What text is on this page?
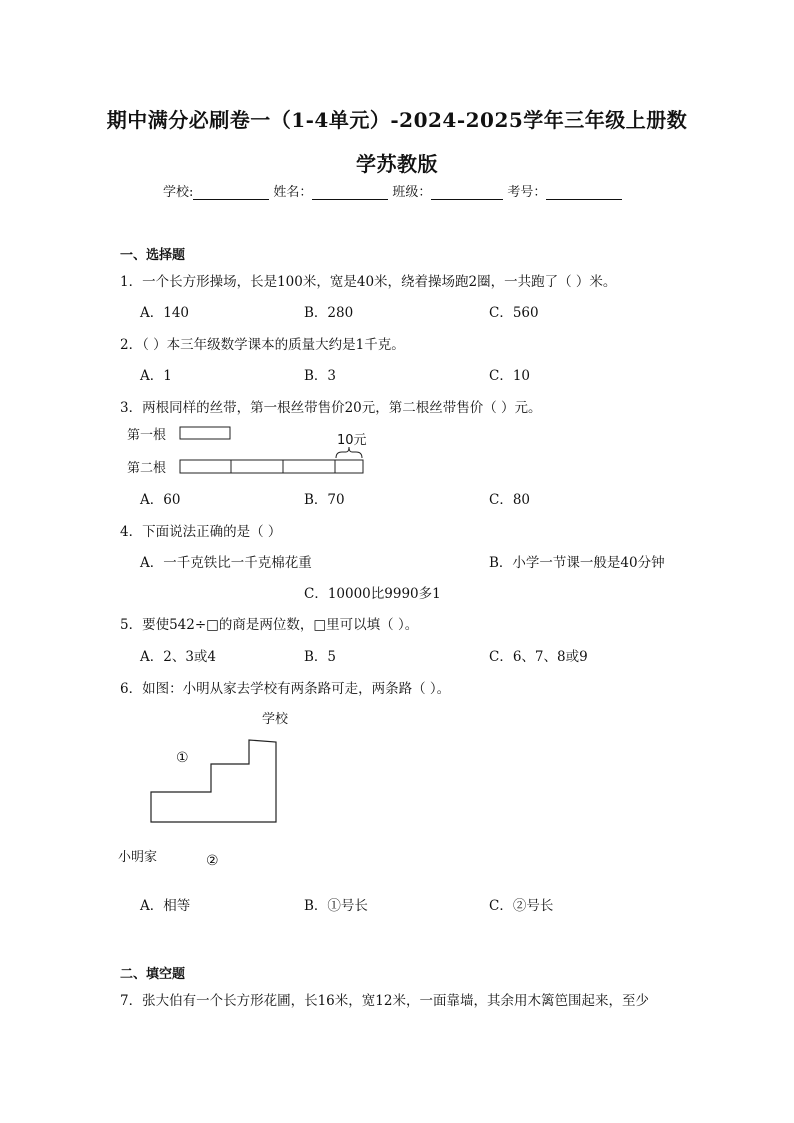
期中满分必刷卷一（1-4单元）-2024-2025学年三年级上册数
学苏教版
学校:	姓名：	班级：	考号：
一、选择题
1．一个长方形操场，长是100米，宽是40米，绕着操场跑2圈，一共跑了（ ）米。
A．140	B．280	C．560
2．（ ）本三年级数学课本的质量大约是1千克。
A．1	B．3	C．10
3．两根同样的丝带，第一根丝带售价20元，第二根丝带售价（ ）元。
第一根
第二根
10元
A．60	B．70	C．80
4．下面说法正确的是（ ）
A．一千克铁比一千克棉花重	B．小学一节课一般是40分钟
C．10000比9990多1
5．要使542÷□的商是两位数，□里可以填（ ）。
A．2、3或4	B．5	C．6、7、8或9
6．如图：小明从家去学校有两条路可走，两条路（ ）。
学校
小明家
①
②
A．相等	B．①号长	C．②号长
二、填空题
7．张大伯有一个长方形花圃，长16米，宽12米，一面靠墙，其余用木篱笆围起来，至少
